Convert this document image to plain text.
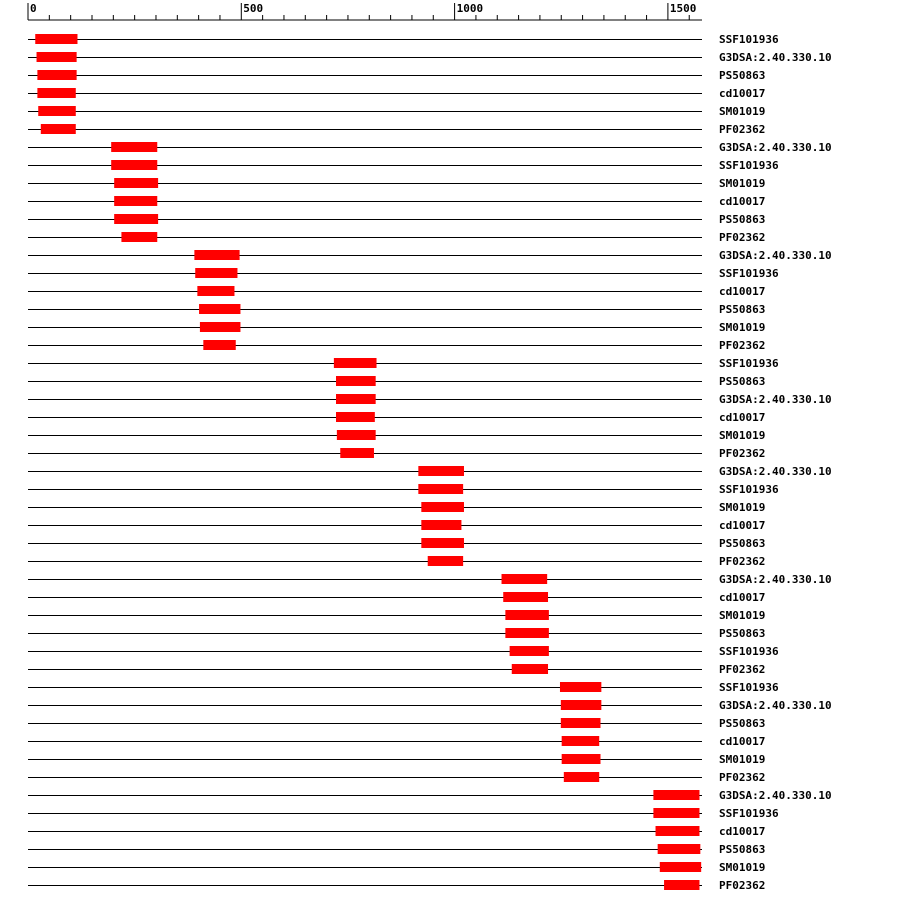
0	500	1000	1500
SSF101936
G3DSA:2.40.330.10
PS50863
cd10017
SM01019
PF02362
G3DSA:2.40.330.10
SSF101936
SM01019
cd10017
PS50863
PF02362
G3DSA:2.40.330.10
SSF101936
cd10017
PS50863
SM01019
PF02362
SSF101936
PS50863
G3DSA:2.40.330.10
cd10017
SM01019
PF02362
G3DSA:2.40.330.10
SSF101936
SM01019
cd10017
PS50863
PF02362
G3DSA:2.40.330.10
cd10017
SM01019
PS50863
SSF101936
PF02362
SSF101936
G3DSA:2.40.330.10
PS50863
cd10017
SM01019
PF02362
G3DSA:2.40.330.10
SSF101936
cd10017
PS50863
SM01019
PF02362
